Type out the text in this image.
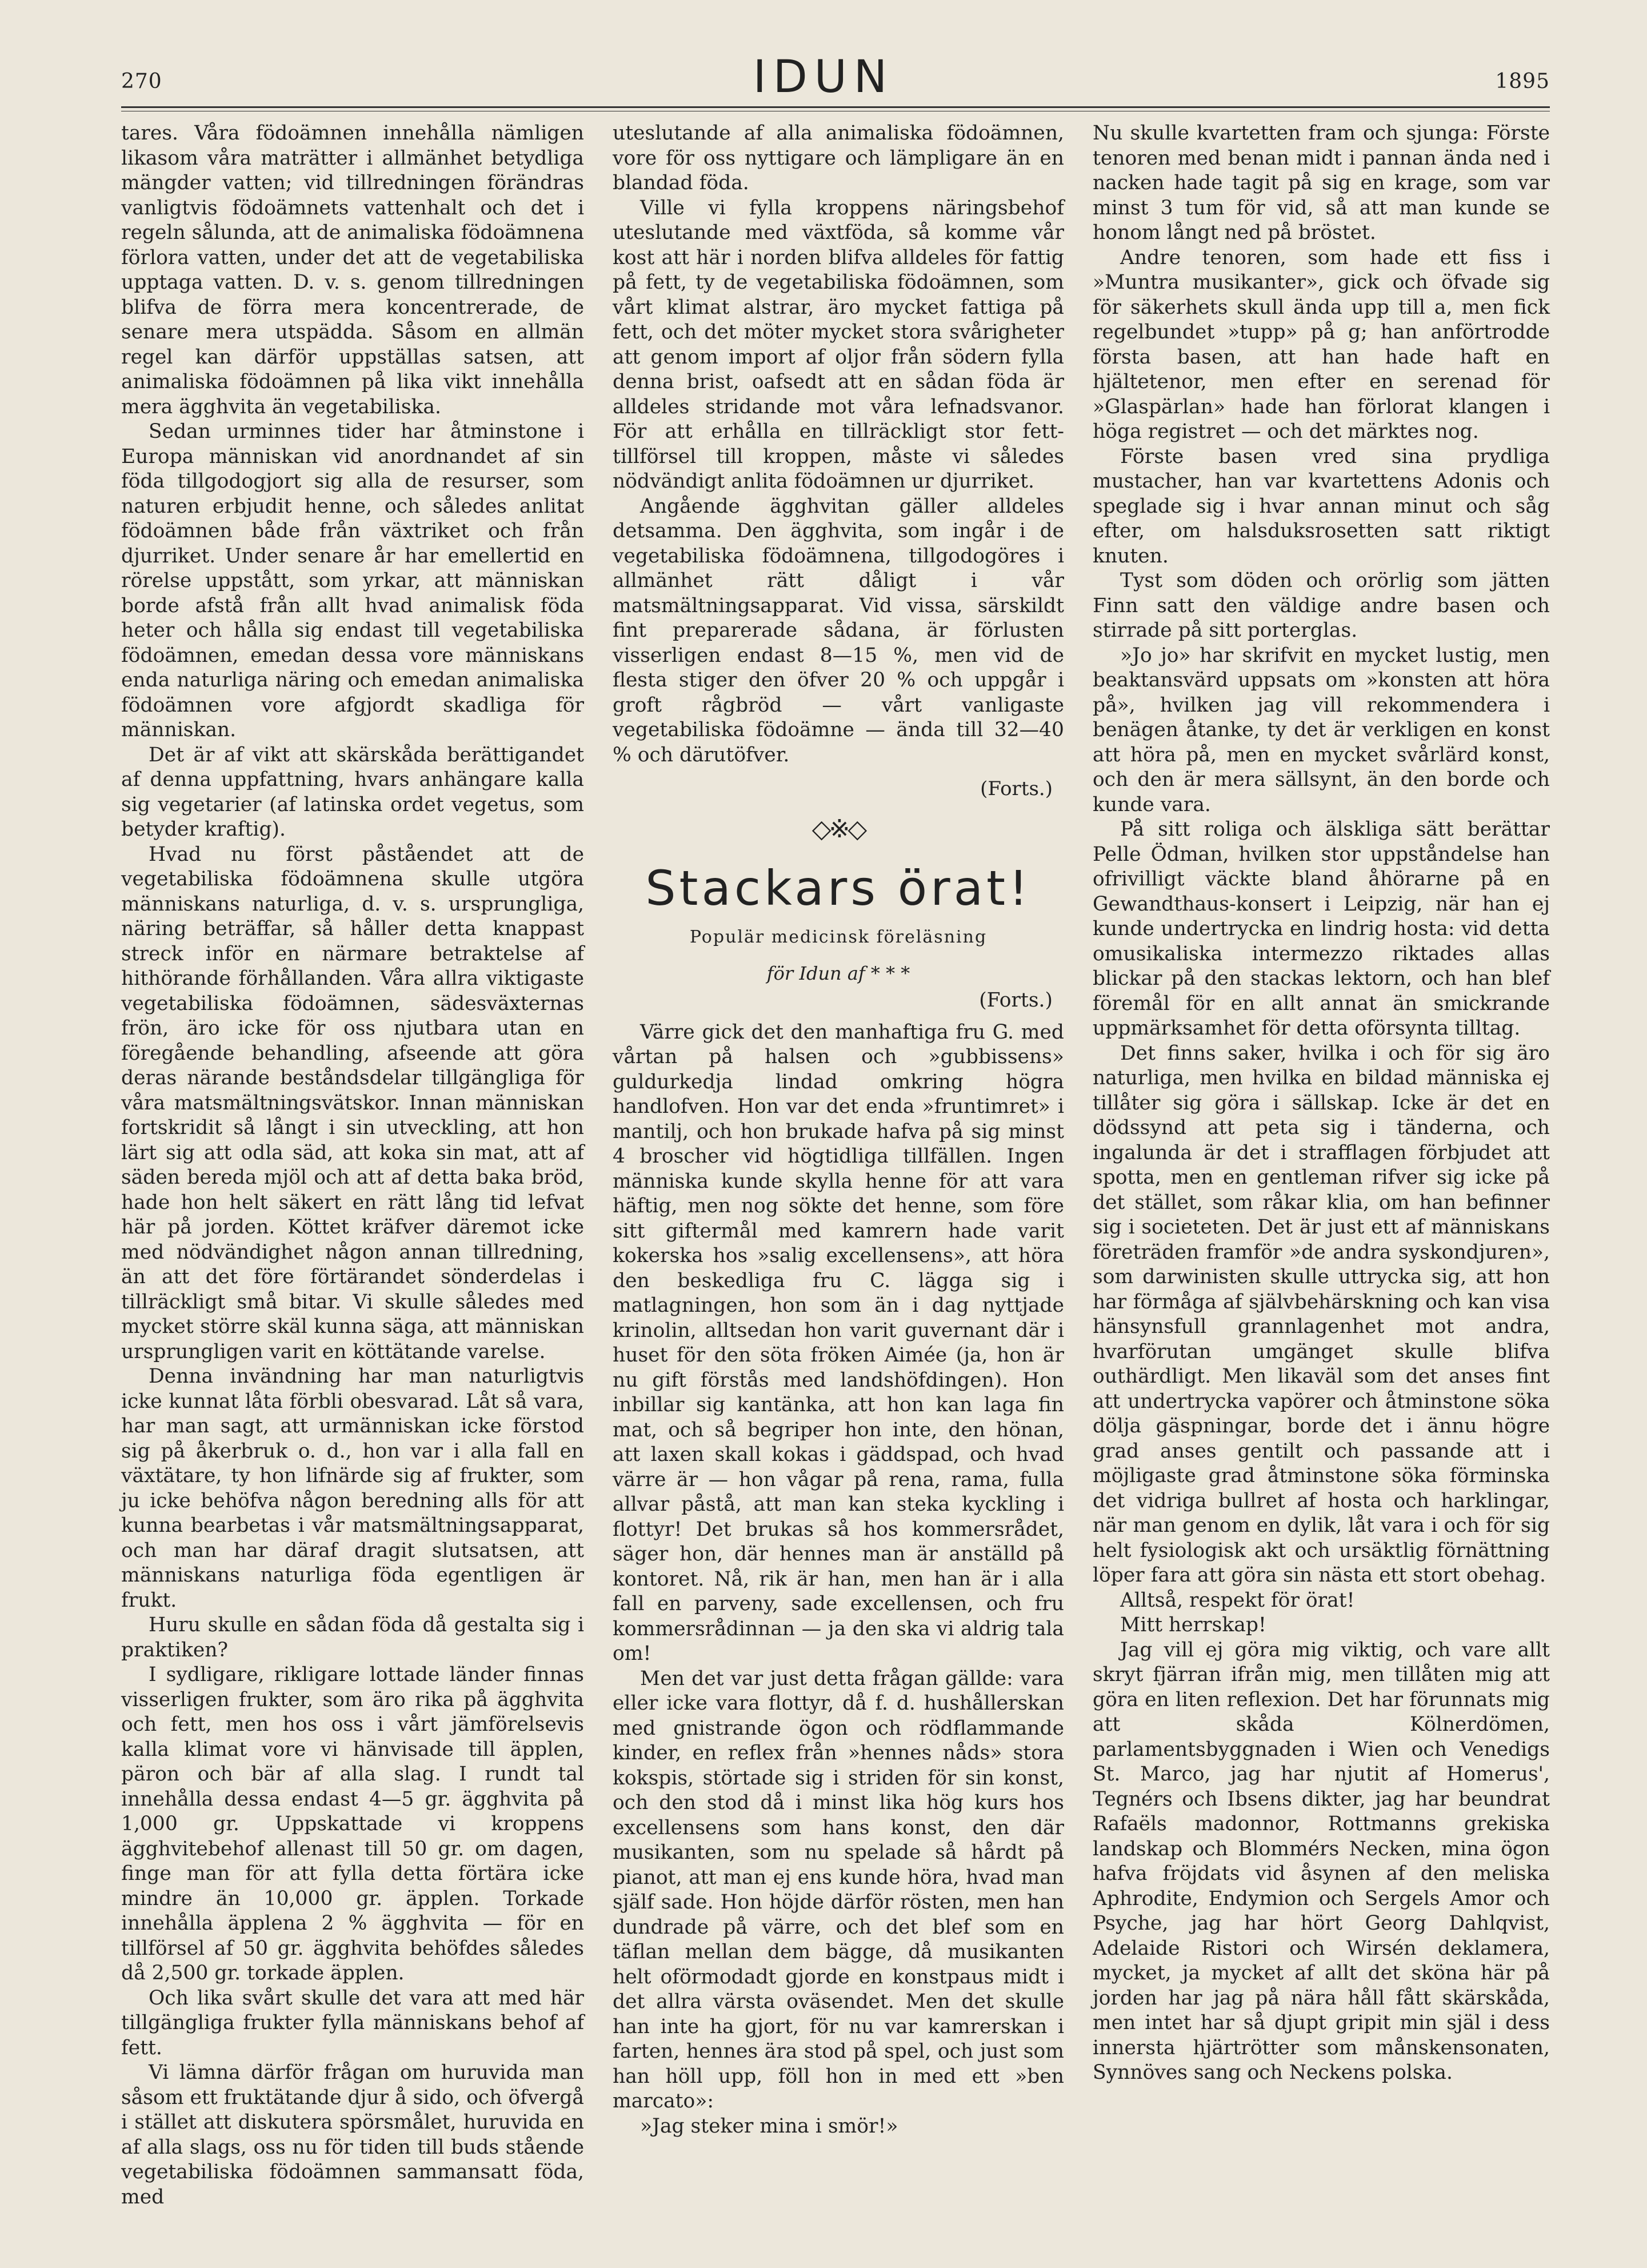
270	IDUN	1895

tares. Våra födoämnen innehålla nämligen likasom våra maträtter i allmänhet betydliga mängder vatten; vid tillredningen förändras vanligtvis födoämnets vattenhalt och det i regeln sålunda, att de animaliska födoämnena förlora vatten, under det att de vegetabiliska upptaga vatten. D. v. s. genom tillredningen blifva de förra mera koncentrerade, de senare mera utspädda. Såsom en allmän regel kan därför uppställas satsen, att animaliska födoämnen på lika vikt innehålla mera ägghvita än vegetabiliska.

Sedan urminnes tider har åtminstone i Europa människan vid anordnandet af sin föda tillgodogjort sig alla de resurser, som naturen erbjudit henne, och således anlitat födoämnen både från växtriket och från djurriket. Under senare år har emellertid en rörelse uppstått, som yrkar, att människan borde afstå från allt hvad animalisk föda heter och hålla sig endast till vegetabiliska födoämnen, emedan dessa vore människans enda naturliga näring och emedan animaliska födoämnen vore afgjordt skadliga för människan.

Det är af vikt att skärskåda berättigandet af denna uppfattning, hvars anhängare kalla sig vegetarier (af latinska ordet vegetus, som betyder kraftig).

Hvad nu först påståendet att de vegetabiliska födoämnena skulle utgöra människans naturliga, d. v. s. ursprungliga, näring beträffar, så håller detta knappast streck inför en närmare betraktelse af hithörande förhållanden. Våra allra viktigaste vegetabiliska födoämnen, sädesväxternas frön, äro icke för oss njutbara utan en föregående behandling, afseende att göra deras närande beståndsdelar tillgängliga för våra matsmältningsvätskor. Innan människan fortskridit så långt i sin utveckling, att hon lärt sig att odla säd, att koka sin mat, att af säden bereda mjöl och att af detta baka bröd, hade hon helt säkert en rätt lång tid lefvat här på jorden. Köttet kräfver däremot icke med nödvändighet någon annan tillredning, än att det före förtärandet sönderdelas i tillräckligt små bitar. Vi skulle således med mycket större skäl kunna säga, att människan ursprungligen varit en köttätande varelse.

Denna invändning har man naturligtvis icke kunnat låta förbli obesvarad. Låt så vara, har man sagt, att urmänniskan icke förstod sig på åkerbruk o. d., hon var i alla fall en växtätare, ty hon lifnärde sig af frukter, som ju icke behöfva någon beredning alls för att kunna bearbetas i vår matsmältningsapparat, och man har däraf dragit slutsatsen, att människans naturliga föda egentligen är frukt.

Huru skulle en sådan föda då gestalta sig i praktiken?

I sydligare, rikligare lottade länder finnas visserligen frukter, som äro rika på ägghvita och fett, men hos oss i vårt jämförelsevis kalla klimat vore vi hänvisade till äpplen, päron och bär af alla slag. I rundt tal innehålla dessa endast 4—5 gr. ägghvita på 1,000 gr. Uppskattade vi kroppens ägghvitebehof allenast till 50 gr. om dagen, finge man för att fylla detta förtära icke mindre än 10,000 gr. äpplen. Torkade innehålla äpplena 2 % ägghvita — för en tillförsel af 50 gr. ägghvita behöfdes således då 2,500 gr. torkade äpplen.

Och lika svårt skulle det vara att med här tillgängliga frukter fylla människans behof af fett.

Vi lämna därför frågan om huruvida man såsom ett fruktätande djur å sido, och öfvergå i stället att diskutera spörsmålet, huruvida en af alla slags, oss nu för tiden till buds stående vegetabiliska födoämnen sammansatt föda, med

uteslutande af alla animaliska födoämnen, vore för oss nyttigare och lämpligare än en blandad föda.

Ville vi fylla kroppens näringsbehof uteslutande med växtföda, så komme vår kost att här i norden blifva alldeles för fattig på fett, ty de vegetabiliska födoämnen, som vårt klimat alstrar, äro mycket fattiga på fett, och det möter mycket stora svårigheter att genom import af oljor från södern fylla denna brist, oafsedt att en sådan föda är alldeles stridande mot våra lefnadsvanor. För att erhålla en tillräckligt stor fett-tillförsel till kroppen, måste vi således nödvändigt anlita födoämnen ur djurriket.

Angående ägghvitan gäller alldeles detsamma. Den ägghvita, som ingår i de vegetabiliska födoämnena, tillgodogöres i allmänhet rätt dåligt i vår matsmältningsapparat. Vid vissa, särskildt fint preparerade sådana, är förlusten visserligen endast 8—15 %, men vid de flesta stiger den öfver 20 % och uppgår i groft rågbröd — vårt vanligaste vegetabiliska födoämne — ända till 32—40 % och därutöfver.

(Forts.)
◇※◇
Stackars örat!
Populär medicinsk föreläsning
för Idun af * * *
(Forts.)

Värre gick det den manhaftiga fru G. med vårtan på halsen och »gubbissens» guldurkedja lindad omkring högra handlofven. Hon var det enda »fruntimret» i mantilj, och hon brukade hafva på sig minst 4 broscher vid högtidliga tillfällen. Ingen människa kunde skylla henne för att vara häftig, men nog sökte det henne, som före sitt giftermål med kamrern hade varit kokerska hos »salig excellensens», att höra den beskedliga fru C. lägga sig i matlagningen, hon som än i dag nyttjade krinolin, alltsedan hon varit guvernant där i huset för den söta fröken Aimée (ja, hon är nu gift förstås med landshöfdingen). Hon inbillar sig kantänka, att hon kan laga fin mat, och så begriper hon inte, den hönan, att laxen skall kokas i gäddspad, och hvad värre är — hon vågar på rena, rama, fulla allvar påstå, att man kan steka kyckling i flottyr! Det brukas så hos kommersrådet, säger hon, där hennes man är anställd på kontoret. Nå, rik är han, men han är i alla fall en parveny, sade excellensen, och fru kommersrådinnan — ja den ska vi aldrig tala om!

Men det var just detta frågan gällde: vara eller icke vara flottyr, då f. d. hushållerskan med gnistrande ögon och rödflammande kinder, en reflex från »hennes nåds» stora kokspis, störtade sig i striden för sin konst, och den stod då i minst lika hög kurs hos excellensens som hans konst, den där musikanten, som nu spelade så hårdt på pianot, att man ej ens kunde höra, hvad man själf sade. Hon höjde därför rösten, men han dundrade på värre, och det blef som en täflan mellan dem bägge, då musikanten helt oförmodadt gjorde en konstpaus midt i det allra värsta oväsendet. Men det skulle han inte ha gjort, för nu var kamrerskan i farten, hennes ära stod på spel, och just som han höll upp, föll hon in med ett »ben marcato»:

»Jag steker mina i smör!»

Nu skulle kvartetten fram och sjunga: Förste tenoren med benan midt i pannan ända ned i nacken hade tagit på sig en krage, som var minst 3 tum för vid, så att man kunde se honom långt ned på bröstet.

Andre tenoren, som hade ett fiss i »Muntra musikanter», gick och öfvade sig för säkerhets skull ända upp till a, men fick regelbundet »tupp» på g; han anförtrodde första basen, att han hade haft en hjältetenor, men efter en serenad för »Glaspärlan» hade han förlorat klangen i höga registret — och det märktes nog.

Förste basen vred sina prydliga mustacher, han var kvartettens Adonis och speglade sig i hvar annan minut och såg efter, om halsduksrosetten satt riktigt knuten.

Tyst som döden och orörlig som jätten Finn satt den väldige andre basen och stirrade på sitt porterglas.

»Jo jo» har skrifvit en mycket lustig, men beaktansvärd uppsats om »konsten att höra på», hvilken jag vill rekommendera i benägen åtanke, ty det är verkligen en konst att höra på, men en mycket svårlärd konst, och den är mera sällsynt, än den borde och kunde vara.

På sitt roliga och älskliga sätt berättar Pelle Ödman, hvilken stor uppståndelse han ofrivilligt väckte bland åhörarne på en Gewandthaus-konsert i Leipzig, när han ej kunde undertrycka en lindrig hosta: vid detta omusikaliska intermezzo riktades allas blickar på den stackas lektorn, och han blef föremål för en allt annat än smickrande uppmärksamhet för detta oförsynta tilltag.

Det finns saker, hvilka i och för sig äro naturliga, men hvilka en bildad människa ej tillåter sig göra i sällskap. Icke är det en dödssynd att peta sig i tänderna, och ingalunda är det i strafflagen förbjudet att spotta, men en gentleman rifver sig icke på det stället, som råkar klia, om han befinner sig i societeten. Det är just ett af människans företräden framför »de andra syskondjuren», som darwinisten skulle uttrycka sig, att hon har förmåga af självbehärskning och kan visa hänsynsfull grannlagenhet mot andra, hvarförutan umgänget skulle blifva outhärdligt. Men likaväl som det anses fint att undertrycka vapörer och åtminstone söka dölja gäspningar, borde det i ännu högre grad anses gentilt och passande att i möjligaste grad åtminstone söka förminska det vidriga bullret af hosta och harklingar, när man genom en dylik, låt vara i och för sig helt fysiologisk akt och ursäktlig förnättning löper fara att göra sin nästa ett stort obehag.

Alltså, respekt för örat!

Mitt herrskap!

Jag vill ej göra mig viktig, och vare allt skryt fjärran ifrån mig, men tillåten mig att göra en liten reflexion. Det har förunnats mig att skåda Kölnerdömen, parlamentsbyggnaden i Wien och Venedigs St. Marco, jag har njutit af Homerus', Tegnérs och Ibsens dikter, jag har beundrat Rafaëls madonnor, Rottmanns grekiska landskap och Blommérs Necken, mina ögon hafva fröjdats vid åsynen af den meliska Aphrodite, Endymion och Sergels Amor och Psyche, jag har hört Georg Dahlqvist, Adelaide Ristori och Wirsén deklamera, mycket, ja mycket af allt det sköna här på jorden har jag på nära håll fått skärskåda, men intet har så djupt gripit min själ i dess innersta hjärtrötter som månskensonaten, Synnöves sang och Neckens polska.
